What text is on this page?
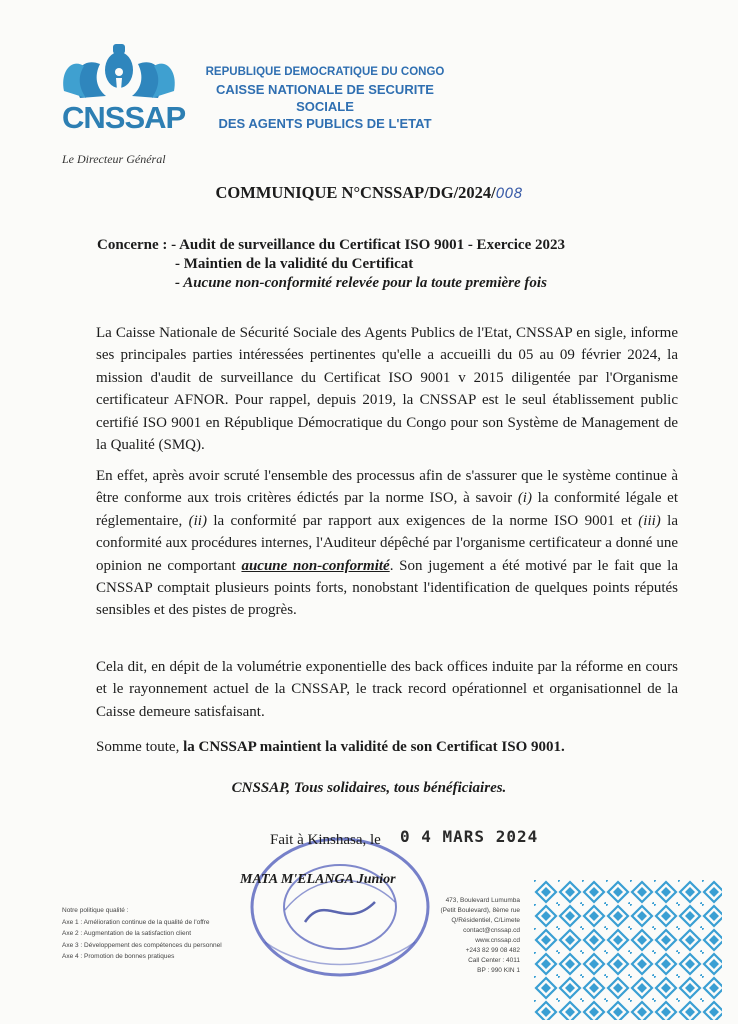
CNSSAP
REPUBLIQUE DEMOCRATIQUE DU CONGO
CAISSE NATIONALE DE SECURITE SOCIALE
DES AGENTS PUBLICS DE L'ETAT
Le Directeur Général
COMMUNIQUE N°CNSSAP/DG/2024/008
Concerne : - Audit de surveillance du Certificat ISO 9001 - Exercice 2023
- Maintien de la validité du Certificat
- Aucune non-conformité relevée pour la toute première fois
La Caisse Nationale de Sécurité Sociale des Agents Publics de l'Etat, CNSSAP en sigle, informe ses principales parties intéressées pertinentes qu'elle a accueilli du 05 au 09 février 2024, la mission d'audit de surveillance du Certificat ISO 9001 v 2015 diligentée par l'Organisme certificateur AFNOR. Pour rappel, depuis 2019, la CNSSAP est le seul établissement public certifié ISO 9001 en République Démocratique du Congo pour son Système de Management de la Qualité (SMQ).
En effet, après avoir scruté l'ensemble des processus afin de s'assurer que le système continue à être conforme aux trois critères édictés par la norme ISO, à savoir (i) la conformité légale et réglementaire, (ii) la conformité par rapport aux exigences de la norme ISO 9001 et (iii) la conformité aux procédures internes, l'Auditeur dépêché par l'organisme certificateur a donné une opinion ne comportant aucune non-conformité. Son jugement a été motivé par le fait que la CNSSAP comptait plusieurs points forts, nonobstant l'identification de quelques points réputés sensibles et des pistes de progrès.
Cela dit, en dépit de la volumétrie exponentielle des back offices induite par la réforme en cours et le rayonnement actuel de la CNSSAP, le track record opérationnel et organisationnel de la Caisse demeure satisfaisant.
Somme toute, la CNSSAP maintient la validité de son Certificat ISO 9001.
CNSSAP, Tous solidaires, tous bénéficiaires.
Fait à Kinshasa, le 0 4 MARS 2024
MATA M'ELANGA Junior
Notre politique qualité :
Axe 1 : Amélioration continue de la qualité de l'offre
Axe 2 : Augmentation de la satisfaction client
Axe 3 : Développement des compétences du personnel
Axe 4 : Promotion de bonnes pratiques
473, Boulevard Lumumba
(Petit Boulevard), 8ème rue
Q/Résidentiel, C/Limete
contact@cnssap.cd
www.cnssap.cd
+243 82 99 08 482
Call Center : 4011
BP : 990 KIN 1
